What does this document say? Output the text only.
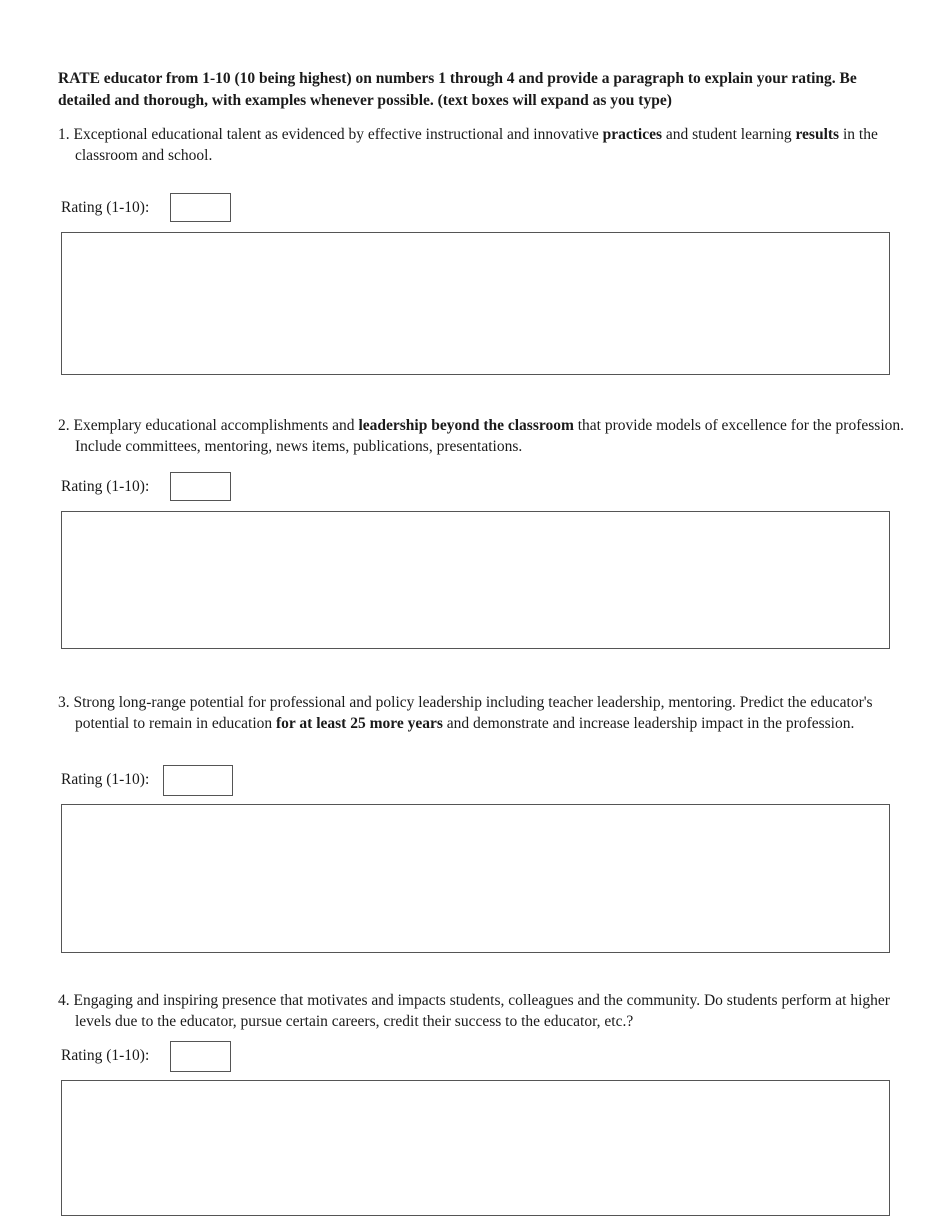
RATE educator from 1-10 (10 being highest) on numbers 1 through 4 and provide a paragraph to explain your rating. Be detailed and thorough, with examples whenever possible. (text boxes will expand as you type)
1. Exceptional educational talent as evidenced by effective instructional and innovative practices and student learning results in the classroom and school.
Rating (1-10):
2. Exemplary educational accomplishments and leadership beyond the classroom that provide models of excellence for the profession. Include committees, mentoring, news items, publications, presentations.
Rating (1-10):
3. Strong long-range potential for professional and policy leadership including teacher leadership, mentoring. Predict the educator's potential to remain in education for at least 25 more years and demonstrate and increase leadership impact in the profession.
Rating (1-10):
4. Engaging and inspiring presence that motivates and impacts students, colleagues and the community. Do students perform at higher levels due to the educator, pursue certain careers, credit their success to the educator, etc.?
Rating (1-10):
